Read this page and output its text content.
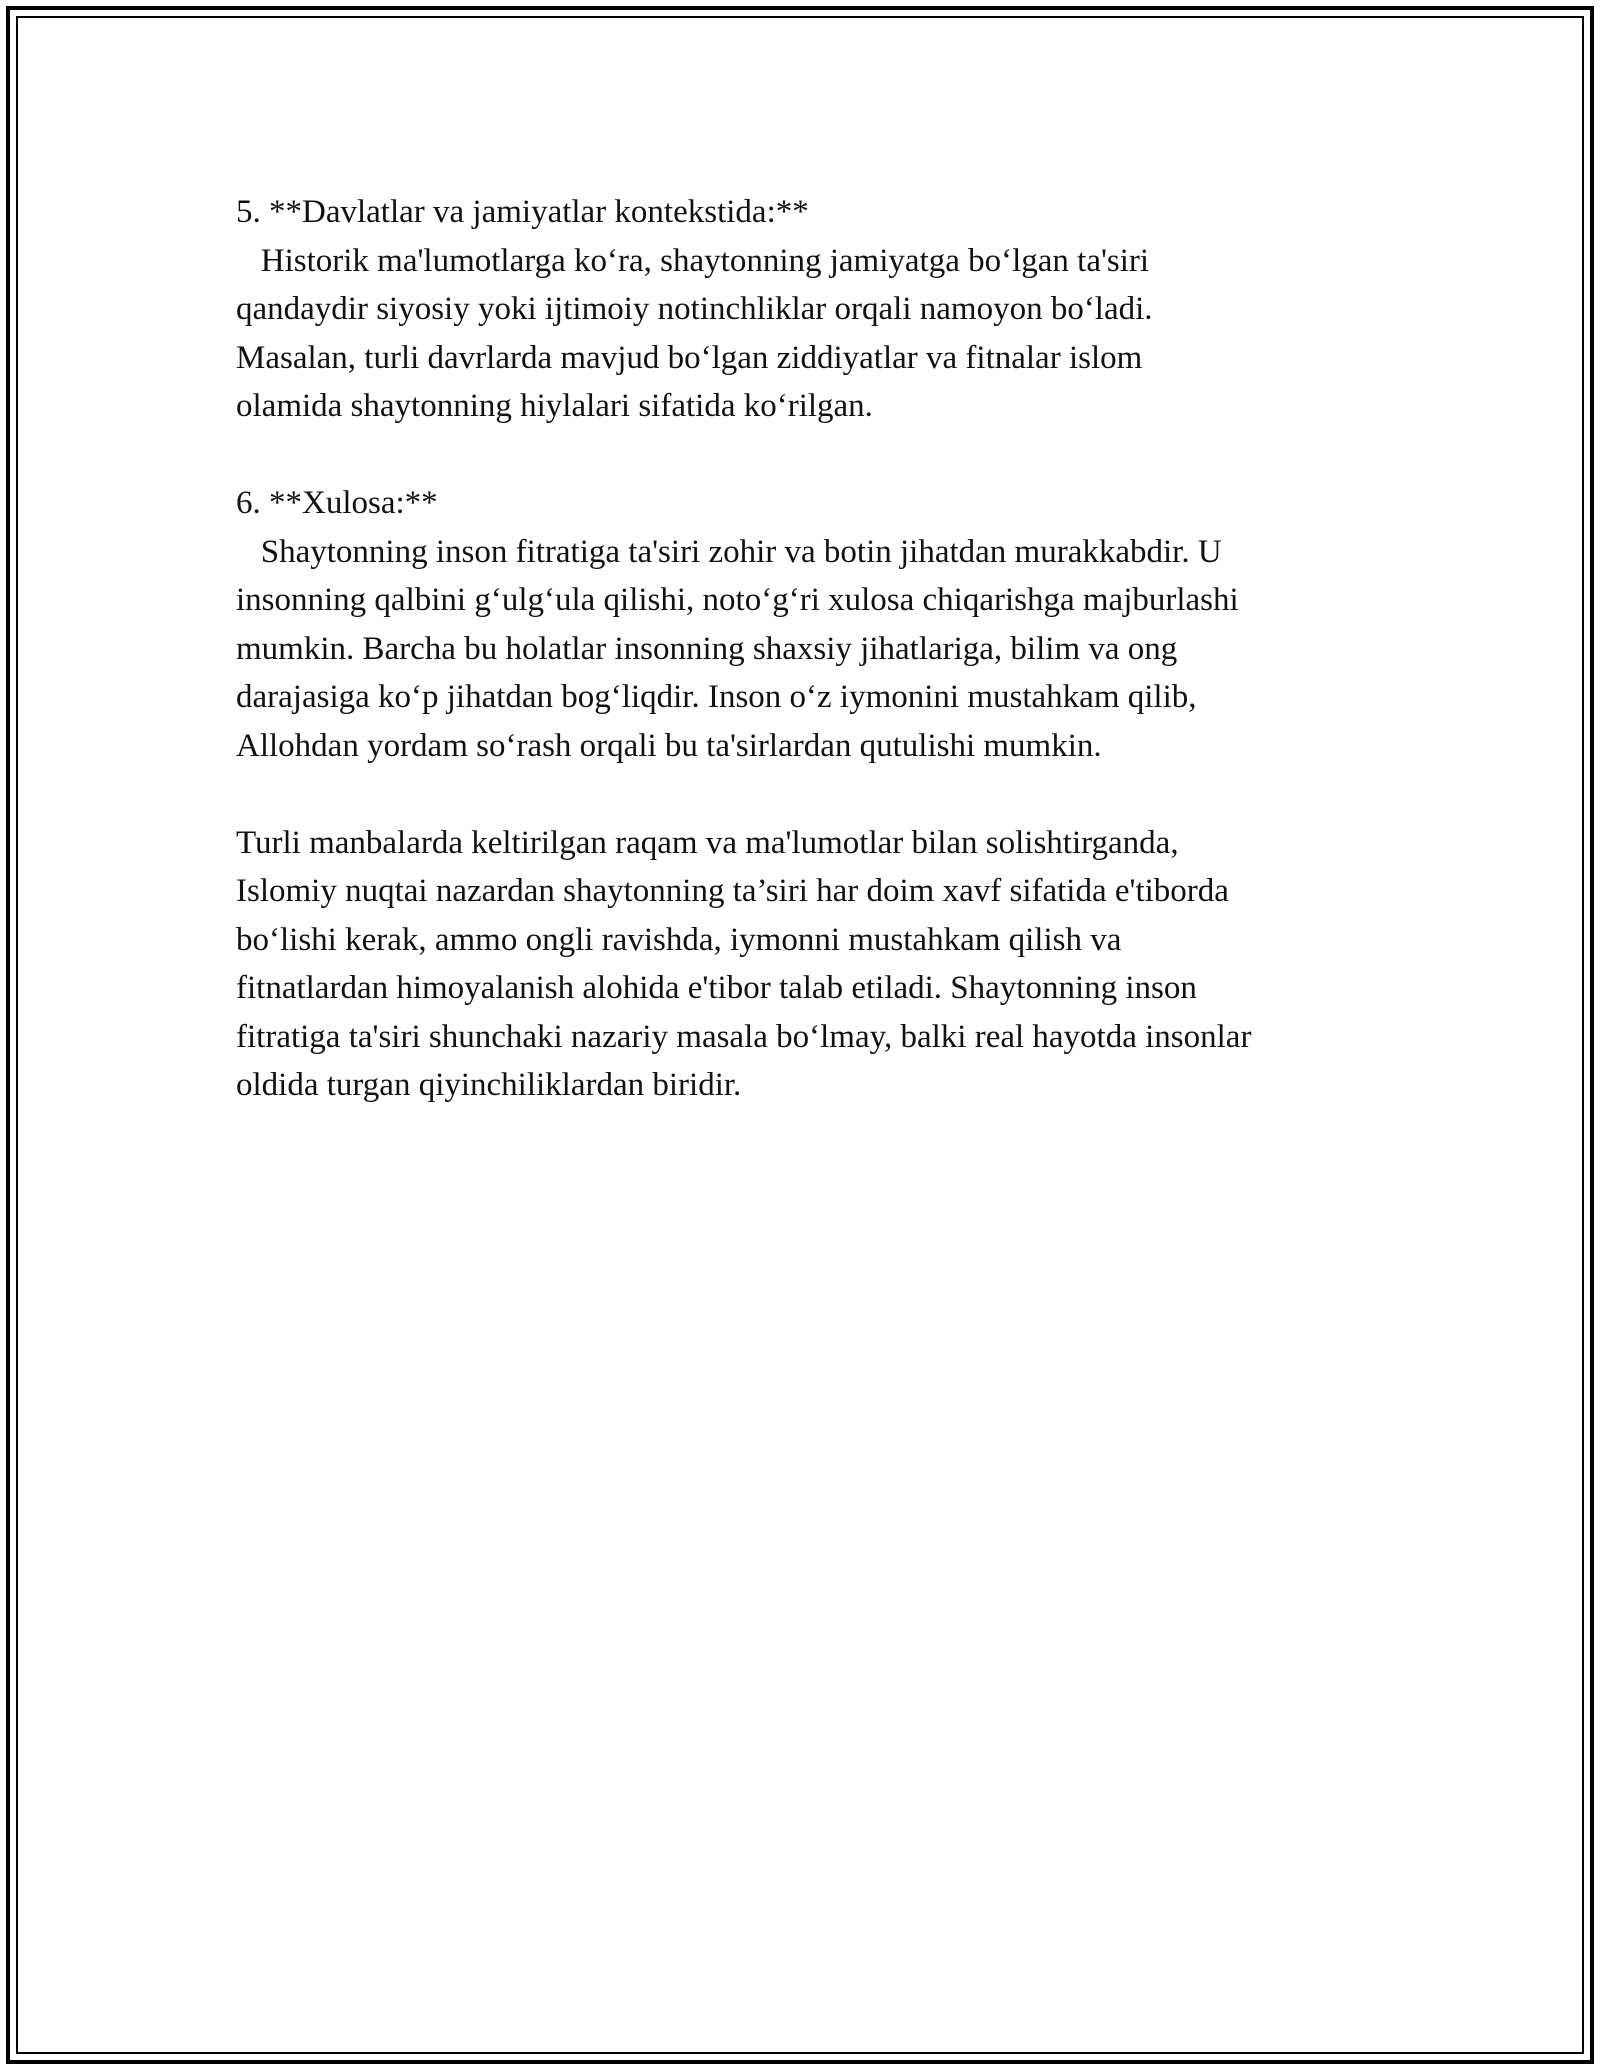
5. **Davlatlar va jamiyatlar kontekstida:**
Historik ma'lumotlarga ko‘ra, shaytonning jamiyatga bo‘lgan ta'siri
qandaydir siyosiy yoki ijtimoiy notinchliklar orqali namoyon bo‘ladi.
Masalan, turli davrlarda mavjud bo‘lgan ziddiyatlar va fitnalar islom
olamida shaytonning hiylalari sifatida ko‘rilgan.
6. **Xulosa:**
Shaytonning inson fitratiga ta'siri zohir va botin jihatdan murakkabdir. U
insonning qalbini g‘ulg‘ula qilishi, noto‘g‘ri xulosa chiqarishga majburlashi
mumkin. Barcha bu holatlar insonning shaxsiy jihatlariga, bilim va ong
darajasiga ko‘p jihatdan bog‘liqdir. Inson o‘z iymonini mustahkam qilib,
Allohdan yordam so‘rash orqali bu ta'sirlardan qutulishi mumkin.
Turli manbalarda keltirilgan raqam va ma'lumotlar bilan solishtirganda,
Islomiy nuqtai nazardan shaytonning ta’siri har doim xavf sifatida e'tiborda
bo‘lishi kerak, ammo ongli ravishda, iymonni mustahkam qilish va
fitnatlardan himoyalanish alohida e'tibor talab etiladi. Shaytonning inson
fitratiga ta'siri shunchaki nazariy masala bo‘lmay, balki real hayotda insonlar
oldida turgan qiyinchiliklardan biridir.
